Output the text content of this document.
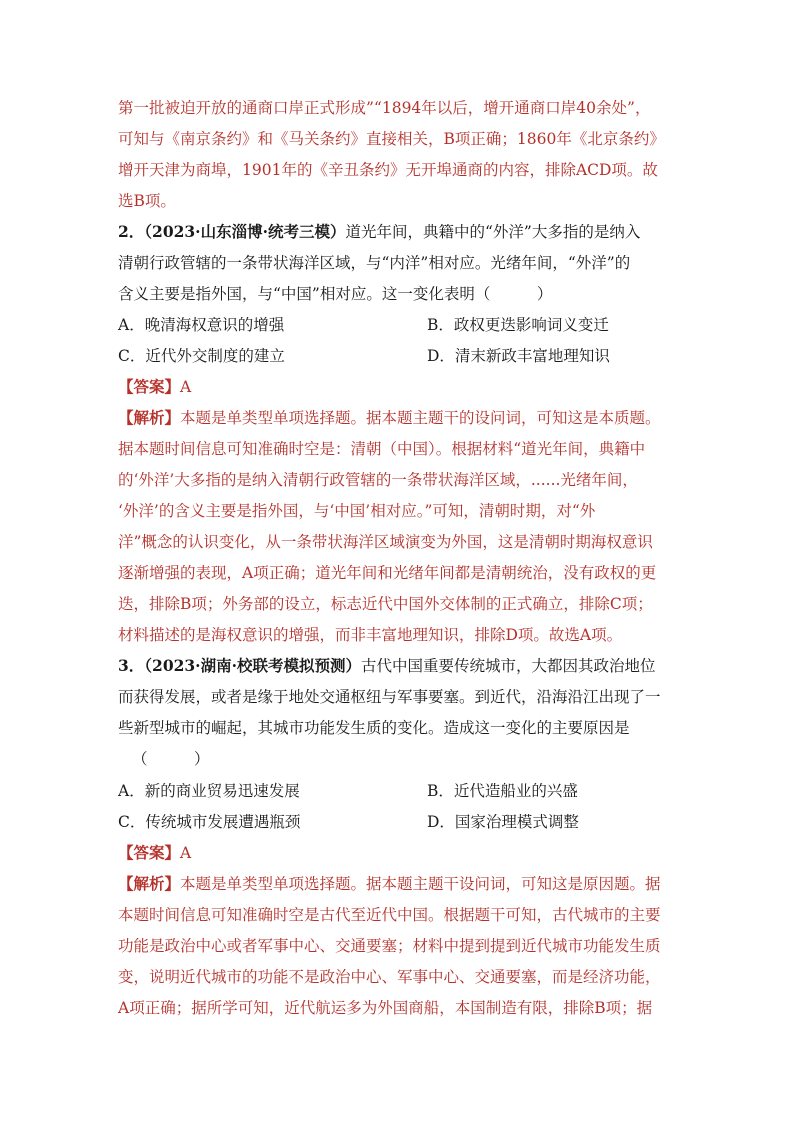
第一批被迫开放的通商口岸正式形成”“1894年以后，增开通商口岸40余处”，
可知与《南京条约》和《马关条约》直接相关，B项正确；1860年《北京条约》
增开天津为商埠，1901年的《辛丑条约》无开埠通商的内容，排除ACD项。故
选B项。
2．（2023·山东淄博·统考三模）道光年间，典籍中的“外洋”大多指的是纳入
清朝行政管辖的一条带状海洋区域，与“内洋”相对应。光绪年间，“外洋”的
含义主要是指外国，与“中国”相对应。这一变化表明（　　　）
A．晚清海权意识的增强	B．政权更迭影响词义变迁
C．近代外交制度的建立	D．清末新政丰富地理知识
【答案】A
【解析】本题是单类型单项选择题。据本题主题干的设问词，可知这是本质题。
据本题时间信息可知准确时空是：清朝（中国）。根据材料“道光年间，典籍中
的‘外洋’大多指的是纳入清朝行政管辖的一条带状海洋区域，......光绪年间，
‘外洋’的含义主要是指外国，与‘中国’相对应。”可知，清朝时期，对“外
洋”概念的认识变化，从一条带状海洋区域演变为外国，这是清朝时期海权意识
逐渐增强的表现，A项正确；道光年间和光绪年间都是清朝统治，没有政权的更
迭，排除B项；外务部的设立，标志近代中国外交体制的正式确立，排除C项；
材料描述的是海权意识的增强，而非丰富地理知识，排除D项。故选A项。
3．（2023·湖南·校联考模拟预测）古代中国重要传统城市，大都因其政治地位
而获得发展，或者是缘于地处交通枢纽与军事要塞。到近代，沿海沿江出现了一
些新型城市的崛起，其城市功能发生质的变化。造成这一变化的主要原因是
（　　　）
A．新的商业贸易迅速发展	B．近代造船业的兴盛
C．传统城市发展遭遇瓶颈	D．国家治理模式调整
【答案】A
【解析】本题是单类型单项选择题。据本题主题干设问词，可知这是原因题。据
本题时间信息可知准确时空是古代至近代中国。根据题干可知，古代城市的主要
功能是政治中心或者军事中心、交通要塞；材料中提到提到近代城市功能发生质
变，说明近代城市的功能不是政治中心、军事中心、交通要塞，而是经济功能，
A项正确；据所学可知，近代航运多为外国商船，本国制造有限，排除B项；据
